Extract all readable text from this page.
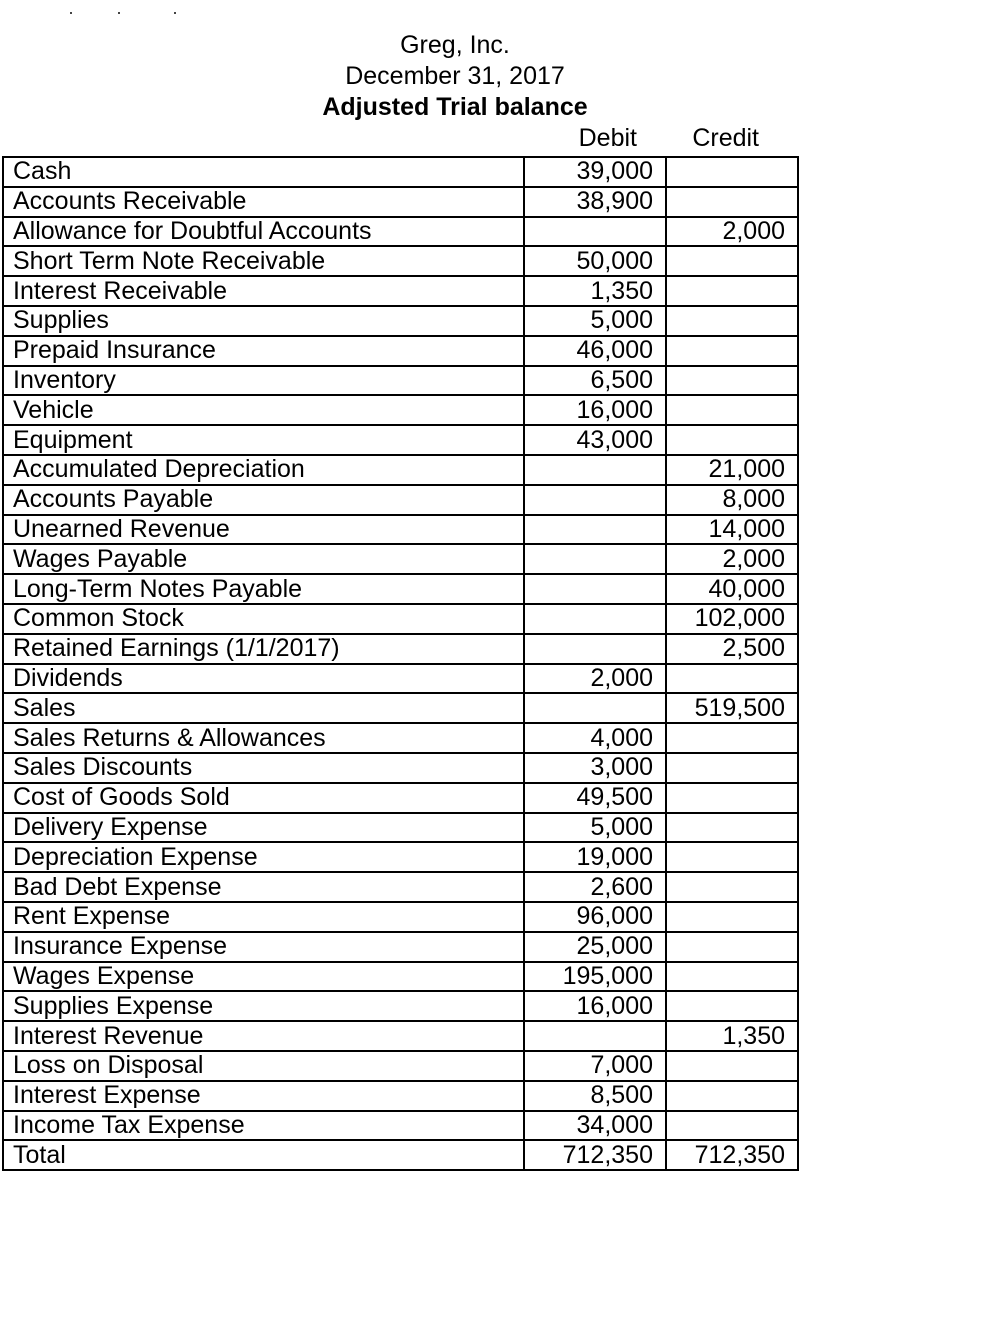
Greg, Inc.
December 31, 2017
Adjusted Trial balance
Debit	Credit
Cash	39,000	
Accounts Receivable	38,900	
Allowance for Doubtful Accounts		2,000
Short Term Note Receivable	50,000	
Interest Receivable	1,350	
Supplies	5,000	
Prepaid Insurance	46,000	
Inventory	6,500	
Vehicle	16,000	
Equipment	43,000	
Accumulated Depreciation		21,000
Accounts Payable		8,000
Unearned Revenue		14,000
Wages Payable		2,000
Long-Term Notes Payable		40,000
Common Stock		102,000
Retained Earnings (1/1/2017)		2,500
Dividends	2,000	
Sales		519,500
Sales Returns & Allowances	4,000	
Sales Discounts	3,000	
Cost of Goods Sold	49,500	
Delivery Expense	5,000	
Depreciation Expense	19,000	
Bad Debt Expense	2,600	
Rent Expense	96,000	
Insurance Expense	25,000	
Wages Expense	195,000	
Supplies Expense	16,000	
Interest Revenue		1,350
Loss on Disposal	7,000	
Interest Expense	8,500	
Income Tax Expense	34,000	
Total	712,350	712,350
